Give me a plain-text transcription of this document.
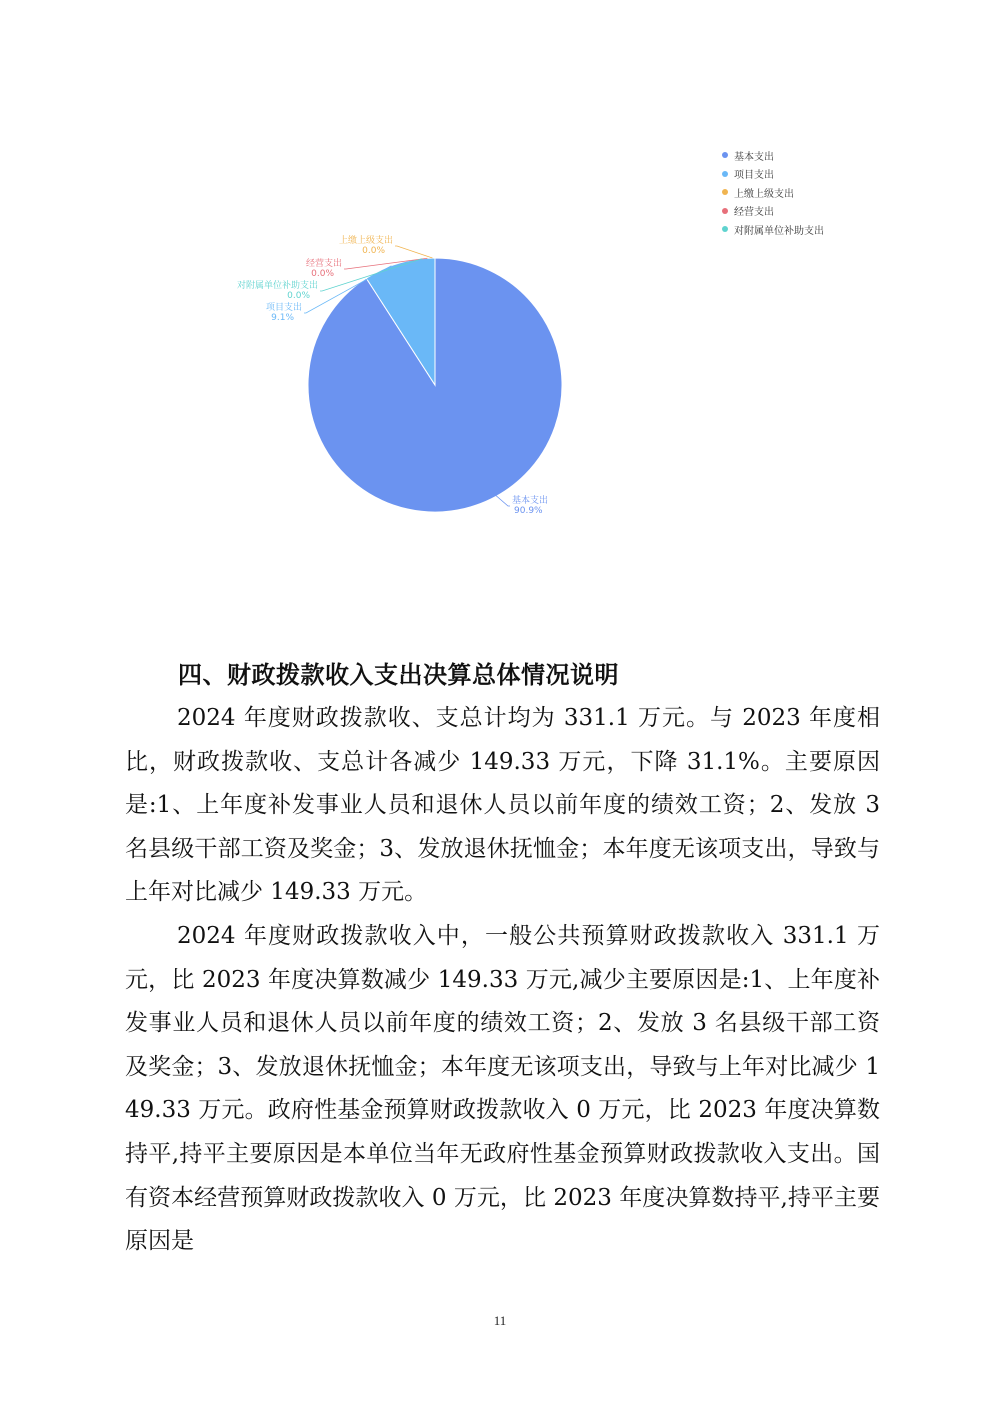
基本支出
90.9%
项目支出
9.1%
上缴上级支出
0.0%
经营支出
0.0%
对附属单位补助支出
0.0%
基本支出
项目支出
上缴上级支出
经营支出
对附属单位补助支出
四、财政拨款收入支出决算总体情况说明

2024 年度财政拨款收、支总计均为 331.1 万元。与 2023 年度相比，财政拨款收、支总计各减少 149.33 万元，下降 31.1%。主要原因是:1、上年度补发事业人员和退休人员以前年度的绩效工资；2、发放 3 名县级干部工资及奖金；3、发放退休抚恤金；本年度无该项支出，导致与上年对比减少 149.33 万元。

2024 年度财政拨款收入中，一般公共预算财政拨款收入 331.1 万元，比 2023 年度决算数减少 149.33 万元,减少主要原因是:1、上年度补发事业人员和退休人员以前年度的绩效工资；2、发放 3 名县级干部工资及奖金；3、发放退休抚恤金；本年度无该项支出，导致与上年对比减少 149.33 万元。政府性基金预算财政拨款收入 0 万元，比 2023 年度决算数持平,持平主要原因是本单位当年无政府性基金预算财政拨款收入支出。国有资本经营预算财政拨款收入 0 万元，比 2023 年度决算数持平,持平主要原因是

11
